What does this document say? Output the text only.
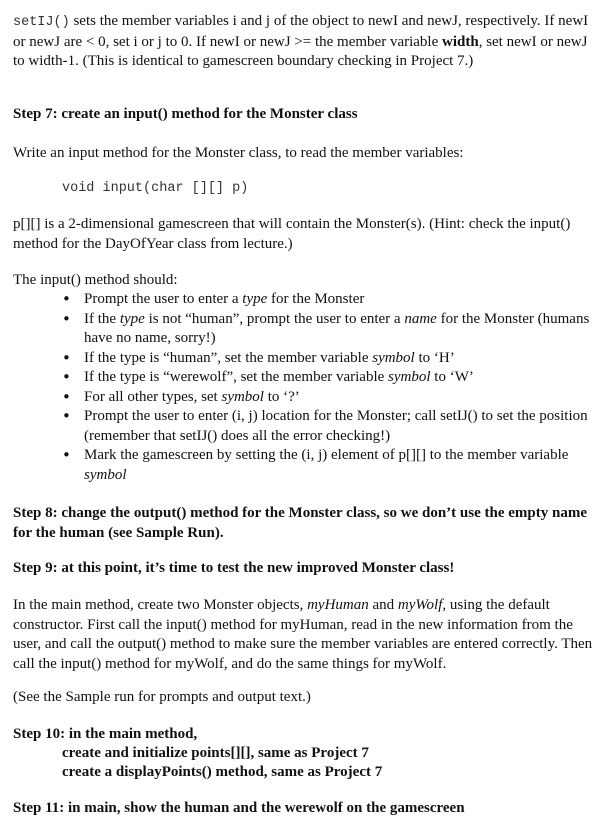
setIJ() sets the member variables i and j of the object to newI and newJ, respectively. If newI or newJ are < 0, set i or j to 0. If newI or newJ >= the member variable width, set newI or newJ to width-1. (This is identical to gamescreen boundary checking in Project 7.)

Step 7: create an input() method for the Monster class

Write an input method for the Monster class, to read the member variables:

void input(char [][] p)

p[][] is a 2-dimensional gamescreen that will contain the Monster(s). (Hint: check the input() method for the DayOfYear class from lecture.)

The input() method should:

• Prompt the user to enter a type for the Monster
• If the type is not “human”, prompt the user to enter a name for the Monster (humans have no name, sorry!)
• If the type is “human”, set the member variable symbol to ‘H’
• If the type is “werewolf”, set the member variable symbol to ‘W’
• For all other types, set symbol to ‘?’
• Prompt the user to enter (i, j) location for the Monster; call setIJ() to set the position (remember that setIJ() does all the error checking!)
• Mark the gamescreen by setting the (i, j) element of p[][] to the member variable symbol

Step 8: change the output() method for the Monster class, so we don’t use the empty name for the human (see Sample Run).

Step 9: at this point, it’s time to test the new improved Monster class!

In the main method, create two Monster objects, myHuman and myWolf, using the default constructor. First call the input() method for myHuman, read in the new information from the user, and call the output() method to make sure the member variables are entered correctly. Then call the input() method for myWolf, and do the same things for myWolf.

(See the Sample run for prompts and output text.)

Step 10: in the main method,

create and initialize points[][], same as Project 7

create a displayPoints() method, same as Project 7

Step 11: in main, show the human and the werewolf on the gamescreen
